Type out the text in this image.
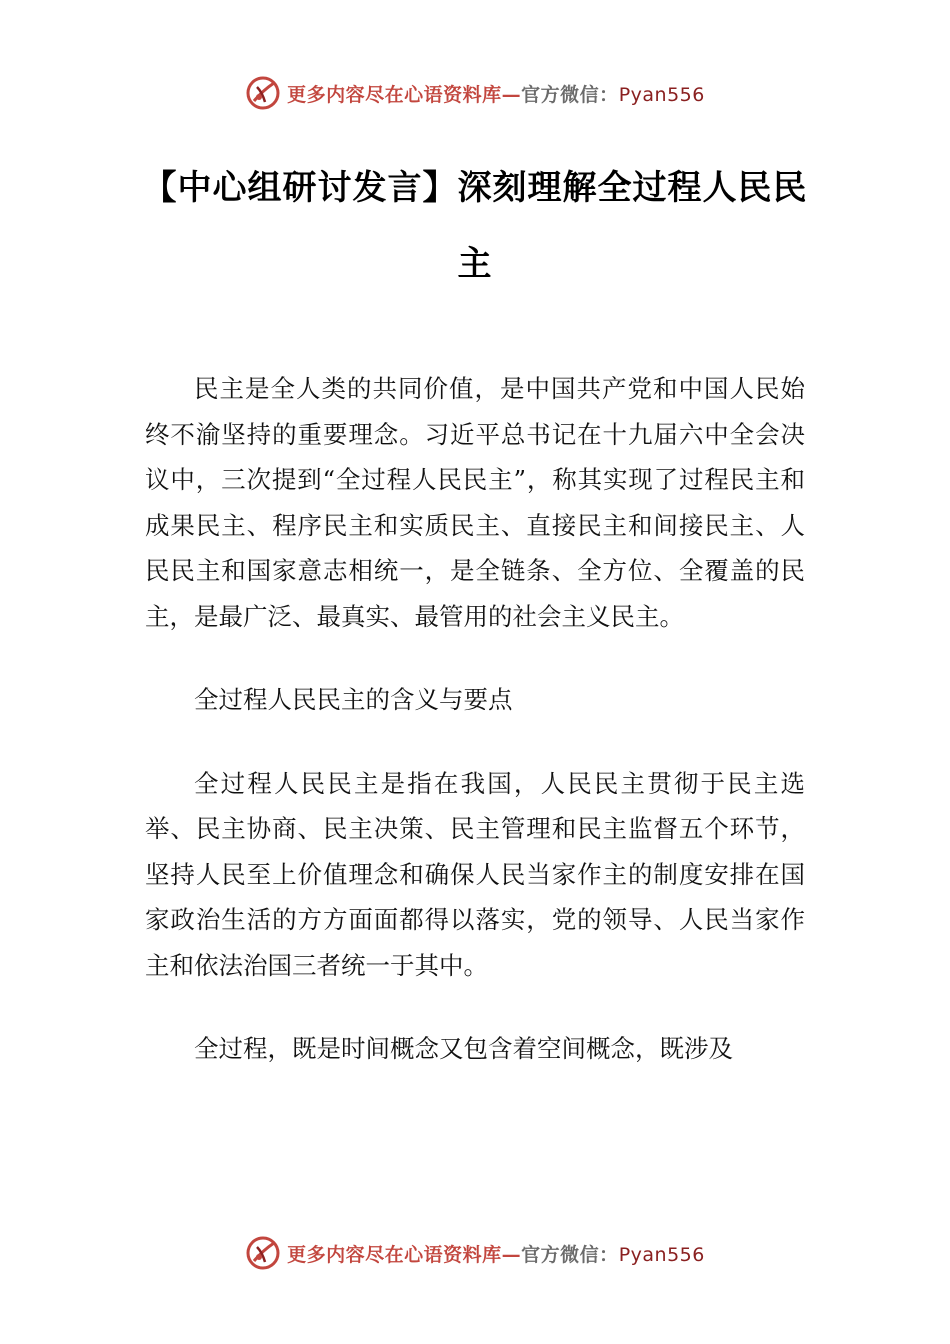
更多内容尽在心语资料库—官方微信：Pyan556
【中心组研讨发言】深刻理解全过程人民民主

民主是全人类的共同价值，是中国共产党和中国人民始终不渝坚持的重要理念。习近平总书记在十九届六中全会决议中，三次提到“全过程人民民主”，称其实现了过程民主和成果民主、程序民主和实质民主、直接民主和间接民主、人民民主和国家意志相统一，是全链条、全方位、全覆盖的民主，是最广泛、最真实、最管用的社会主义民主。

全过程人民民主的含义与要点

全过程人民民主是指在我国，人民民主贯彻于民主选举、民主协商、民主决策、民主管理和民主监督五个环节，坚持人民至上价值理念和确保人民当家作主的制度安排在国家政治生活的方方面面都得以落实，党的领导、人民当家作主和依法治国三者统一于其中。

全过程，既是时间概念又包含着空间概念，既涉及

更多内容尽在心语资料库—官方微信：Pyan556
